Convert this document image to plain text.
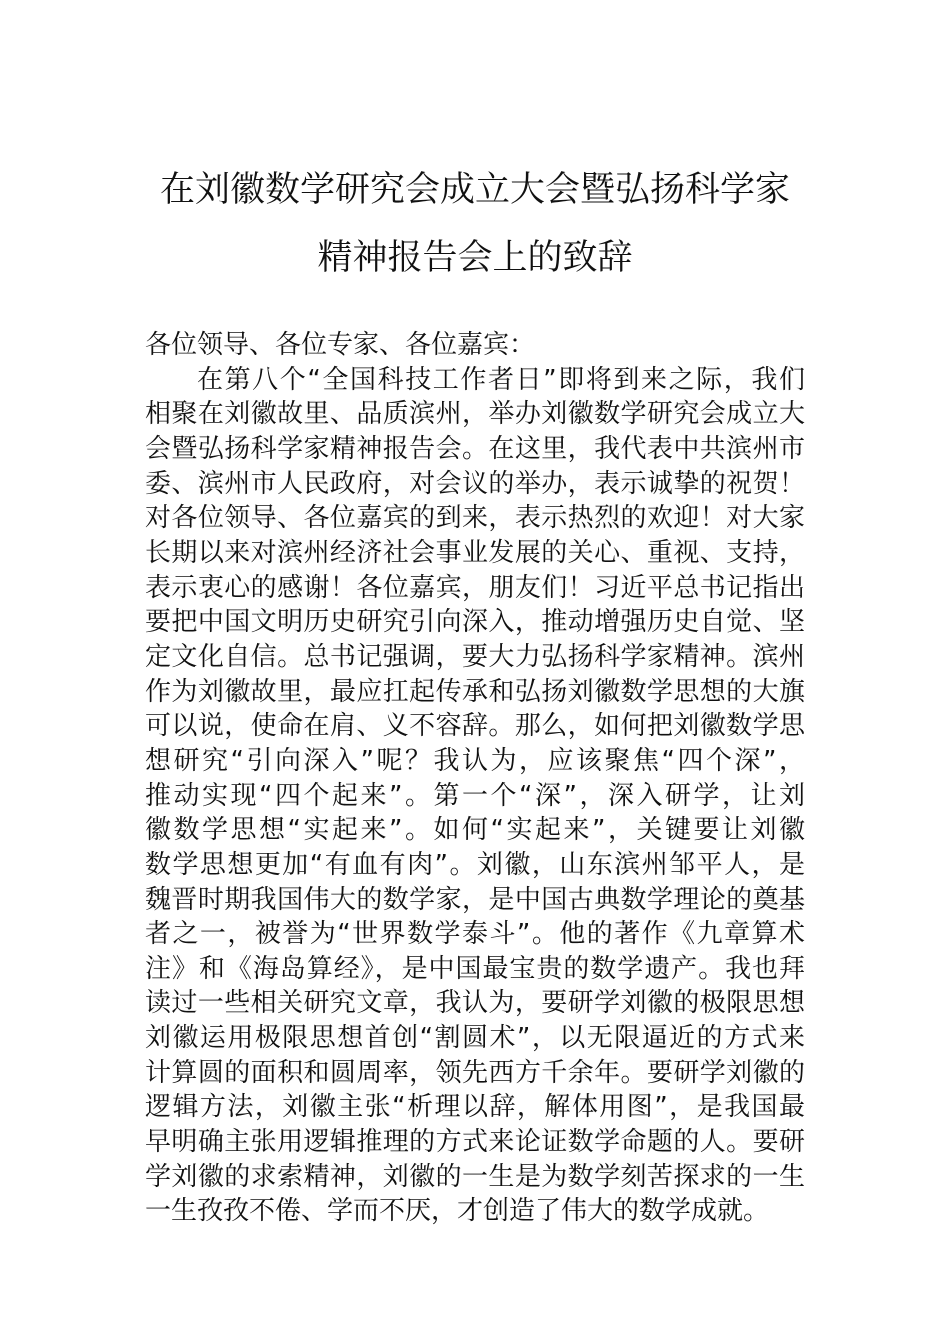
在刘徽数学研究会成立大会暨弘扬科学家
精神报告会上的致辞
各位领导、各位专家、各位嘉宾：
在第八个“全国科技工作者日”即将到来之际，我们
相聚在刘徽故里、品质滨州，举办刘徽数学研究会成立大
会暨弘扬科学家精神报告会。在这里，我代表中共滨州市
委、滨州市人民政府，对会议的举办，表示诚挚的祝贺！
对各位领导、各位嘉宾的到来，表示热烈的欢迎！对大家
长期以来对滨州经济社会事业发展的关心、重视、支持，
表示衷心的感谢！各位嘉宾，朋友们！习近平总书记指出
要把中国文明历史研究引向深入，推动增强历史自觉、坚
定文化自信。总书记强调，要大力弘扬科学家精神。滨州
作为刘徽故里，最应扛起传承和弘扬刘徽数学思想的大旗
可以说，使命在肩、义不容辞。那么，如何把刘徽数学思
想研究“引向深入”呢？我认为，应该聚焦“四个深”，
推动实现“四个起来”。第一个“深”，深入研学，让刘
徽数学思想“实起来”。如何“实起来”，关键要让刘徽
数学思想更加“有血有肉”。刘徽，山东滨州邹平人，是
魏晋时期我国伟大的数学家，是中国古典数学理论的奠基
者之一，被誉为“世界数学泰斗”。他的著作《九章算术
注》和《海岛算经》，是中国最宝贵的数学遗产。我也拜
读过一些相关研究文章，我认为，要研学刘徽的极限思想
刘徽运用极限思想首创“割圆术”，以无限逼近的方式来
计算圆的面积和圆周率，领先西方千余年。要研学刘徽的
逻辑方法，刘徽主张“析理以辞，解体用图”，是我国最
早明确主张用逻辑推理的方式来论证数学命题的人。要研
学刘徽的求索精神，刘徽的一生是为数学刻苦探求的一生
一生孜孜不倦、学而不厌，才创造了伟大的数学成就。
